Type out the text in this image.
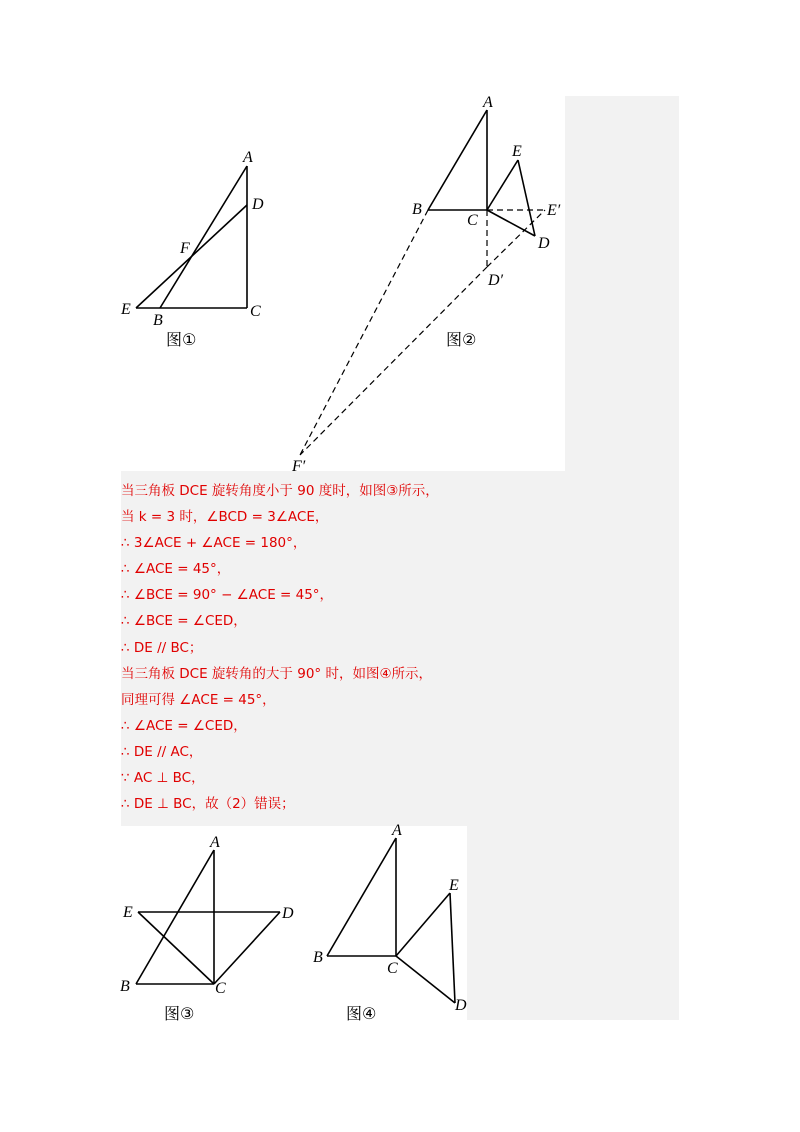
A
D
F
E
B
C
图①
A
E
B
C
E′
D
D′
F′
图②
当三角板 DCE 旋转角度小于 90 度时，如图③所示，
当 k = 3 时，∠BCD = 3∠ACE，
∴ 3∠ACE + ∠ACE = 180°，
∴ ∠ACE = 45°，
∴ ∠BCE = 90° − ∠ACE = 45°，
∴ ∠BCE = ∠CED，
∴ DE // BC；
当三角板 DCE 旋转角的大于 90° 时，如图④所示，
同理可得 ∠ACE = 45°，
∴ ∠ACE = ∠CED，
∴ DE // AC，
∵ AC ⊥ BC，
∴ DE ⊥ BC，故（2）错误；
A
E	D
B	C
图③
A
E
B
C
D
图④
